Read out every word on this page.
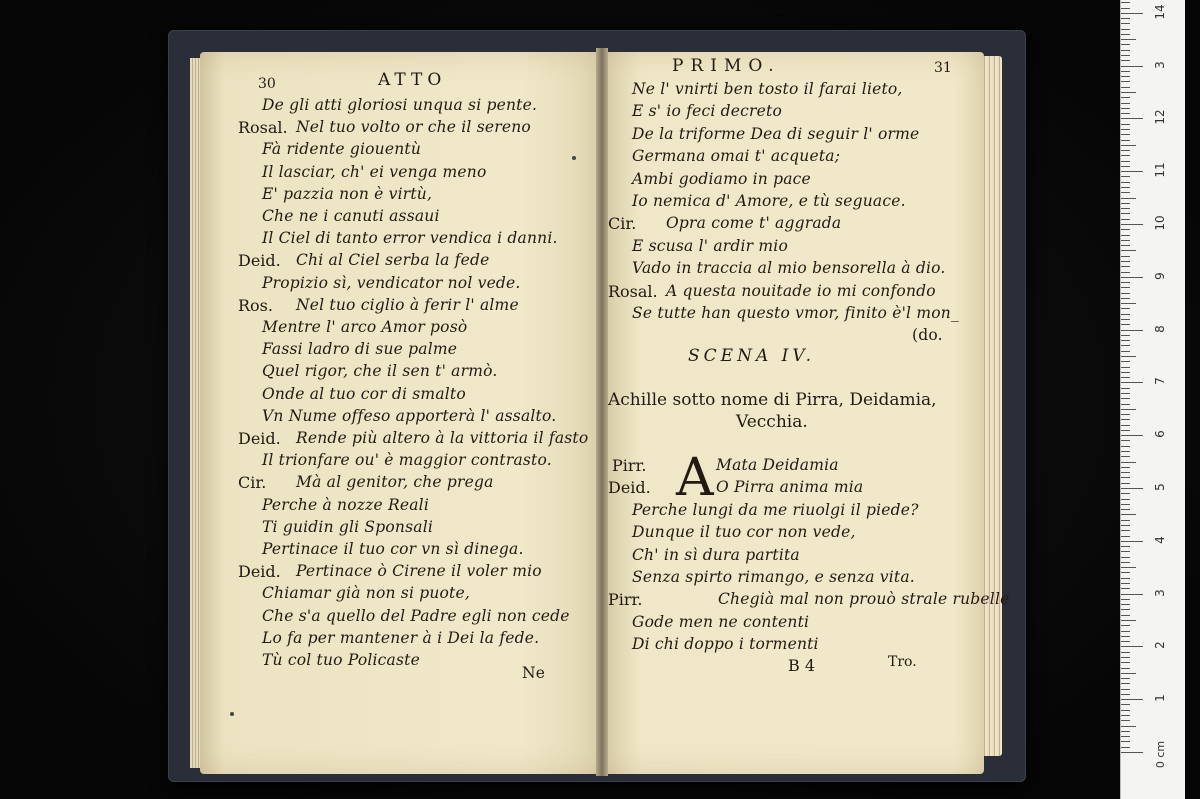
30	ATTO
De gli atti gloriosi unqua si pente.
Rosal. Nel tuo volto or che il sereno
Fà ridente giouentù
Il lasciar, ch' ei venga meno
E' pazzia non è virtù,
Che ne i canuti assaui
Il Ciel di tanto error vendica i danni.
Deid. Chi al Ciel serba la fede
Propizio sì, vendicator nol vede.
Ros. Nel tuo ciglio à ferir l' alme
Mentre l' arco Amor posò
Fassi ladro di sue palme
Quel rigor, che il sen t' armò.
Onde al tuo cor di smalto
Vn Nume offeso apporterà l' assalto.
Deid. Rende più altero à la vittoria il fasto
Il trionfare ou' è maggior contrasto.
Cir. Mà al genitor, che prega
Perche à nozze Reali
Ti guidin gli Sponsali
Pertinace il tuo cor vn sì dinega.
Deid. Pertinace ò Cirene il voler mio
Chiamar già non si puote,
Che s'a quello del Padre egli non cede
Lo fa per mantener à i Dei la fede.
Tù col tuo Policaste
Ne
PRIMO.	31
Ne l' vnirti ben tosto il farai lieto,
E s' io feci decreto
De la triforme Dea di seguir l' orme
Germana omai t' acqueta;
Ambi godiamo in pace
Io nemica d' Amore, e tù seguace.
Cir. Opra come t' aggrada
E scusa l' ardir mio
Vado in traccia al mio bensorella à dio.
Rosal. A questa nouitade io mi confondo
Se tutte han questo vmor, finito è'l mon_
(do.
SCENA IV.
Achille sotto nome di Pirra, Deidamia,
Vecchia.
A
Pirr.	Mata Deidamia
Deid.	O Pirra anima mia
Perche lungi da me riuolgi il piede?
Dunque il tuo cor non vede,
Ch' in sì dura partita
Senza spirto rimango, e senza vita.
Pirr.	Chegià mal non prouò strale rubelle
Gode men ne contenti
Di chi doppo i tormenti
B 4	Tro.
1
2
3
4
5
6
7
8
9
10
11
12
3
14
0 cm
